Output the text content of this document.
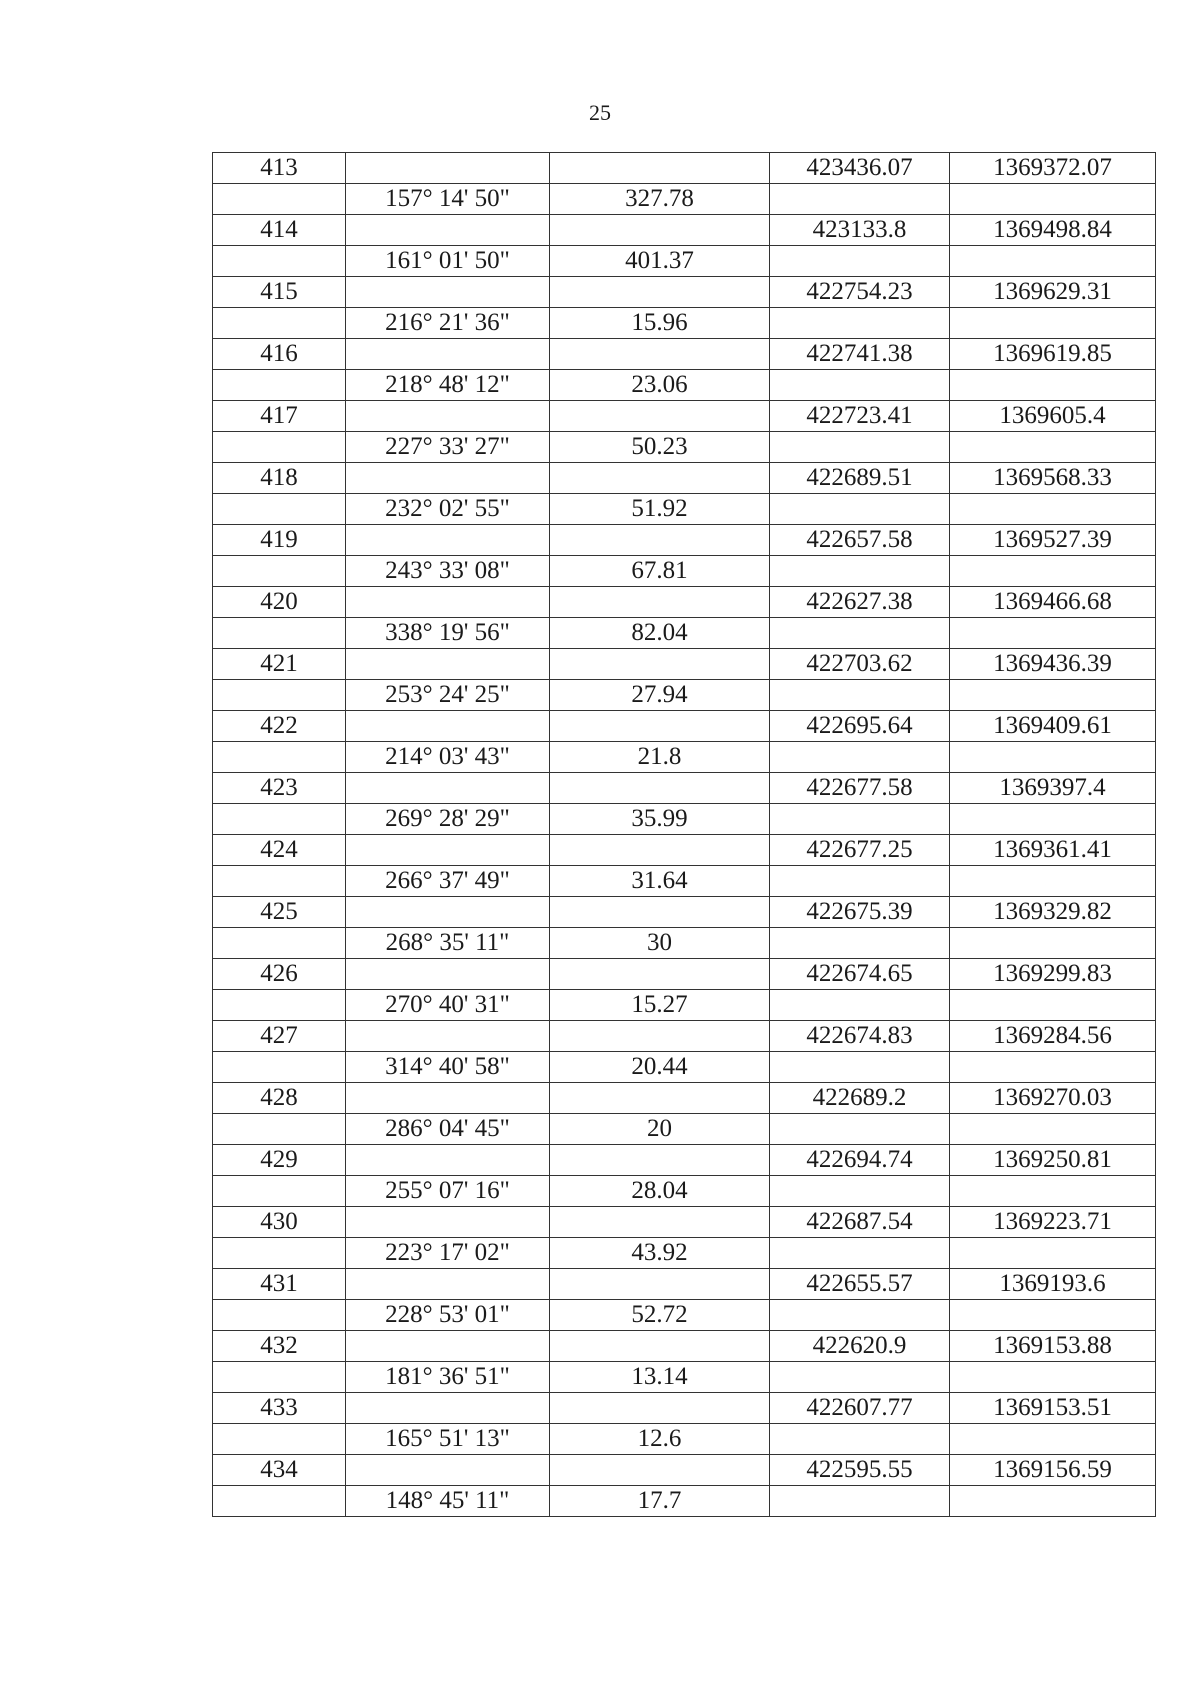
25
413			423436.07	1369372.07
	157° 14' 50"	327.78		
414			423133.8	1369498.84
	161° 01' 50"	401.37		
415			422754.23	1369629.31
	216° 21' 36"	15.96		
416			422741.38	1369619.85
	218° 48' 12"	23.06		
417			422723.41	1369605.4
	227° 33' 27"	50.23		
418			422689.51	1369568.33
	232° 02' 55"	51.92		
419			422657.58	1369527.39
	243° 33' 08"	67.81		
420			422627.38	1369466.68
	338° 19' 56"	82.04		
421			422703.62	1369436.39
	253° 24' 25"	27.94		
422			422695.64	1369409.61
	214° 03' 43"	21.8		
423			422677.58	1369397.4
	269° 28' 29"	35.99		
424			422677.25	1369361.41
	266° 37' 49"	31.64		
425			422675.39	1369329.82
	268° 35' 11"	30		
426			422674.65	1369299.83
	270° 40' 31"	15.27		
427			422674.83	1369284.56
	314° 40' 58"	20.44		
428			422689.2	1369270.03
	286° 04' 45"	20		
429			422694.74	1369250.81
	255° 07' 16"	28.04		
430			422687.54	1369223.71
	223° 17' 02"	43.92		
431			422655.57	1369193.6
	228° 53' 01"	52.72		
432			422620.9	1369153.88
	181° 36' 51"	13.14		
433			422607.77	1369153.51
	165° 51' 13"	12.6		
434			422595.55	1369156.59
	148° 45' 11"	17.7		
